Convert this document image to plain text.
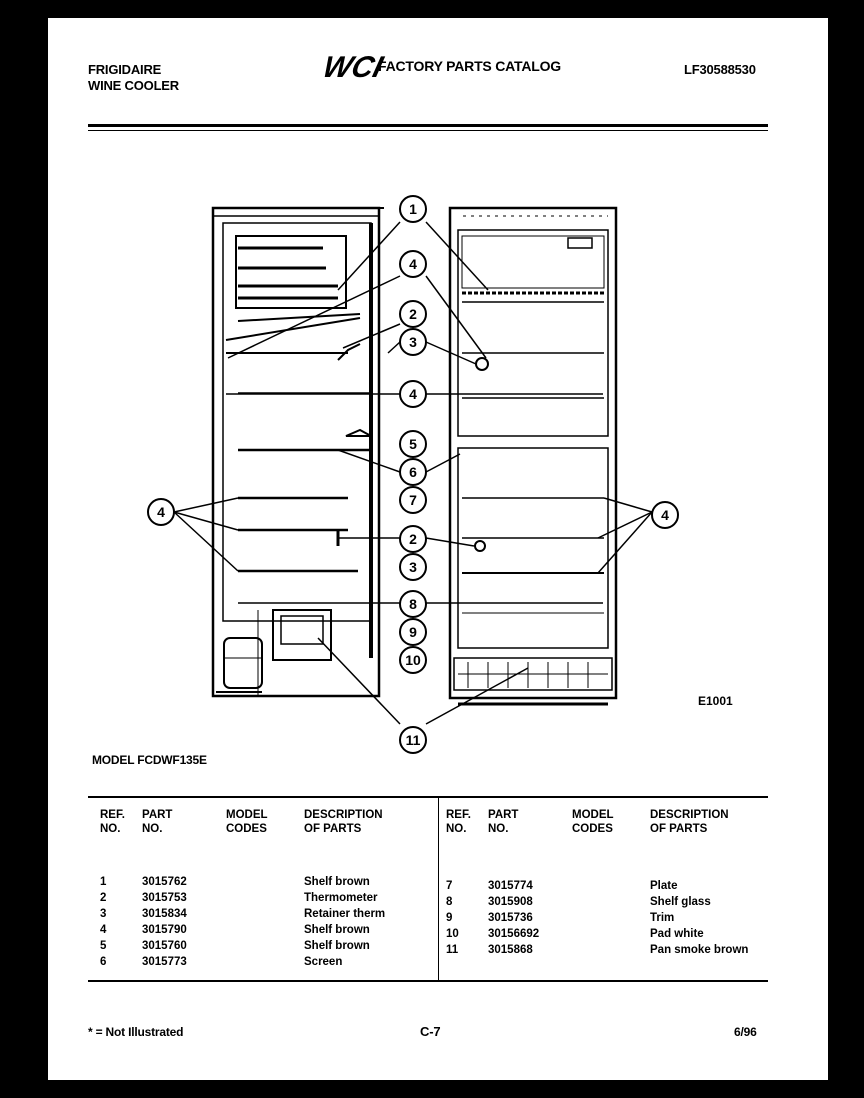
FRIGIDAIRE
WINE COOLER
WCI
FACTORY PARTS CATALOG	LF30588530
1
4
2
3
4
5
6
7
2
3
8
9
10
11
4	4
E1001
MODEL FCDWF135E
REF.
NO.	PART
NO.	MODEL
CODES	DESCRIPTION
OF PARTS

1	3015762		Shelf brown
2	3015753		Thermometer
3	3015834		Retainer therm
4	3015790		Shelf brown
5	3015760		Shelf brown
6	3015773		Screen
REF.
NO.	PART
NO.	MODEL
CODES	DESCRIPTION
OF PARTS

7	3015774		Plate
8	3015908		Shelf glass
9	3015736		Trim
10	30156692		Pad white
11	3015868		Pan smoke brown
* = Not Illustrated	C-7	6/96
